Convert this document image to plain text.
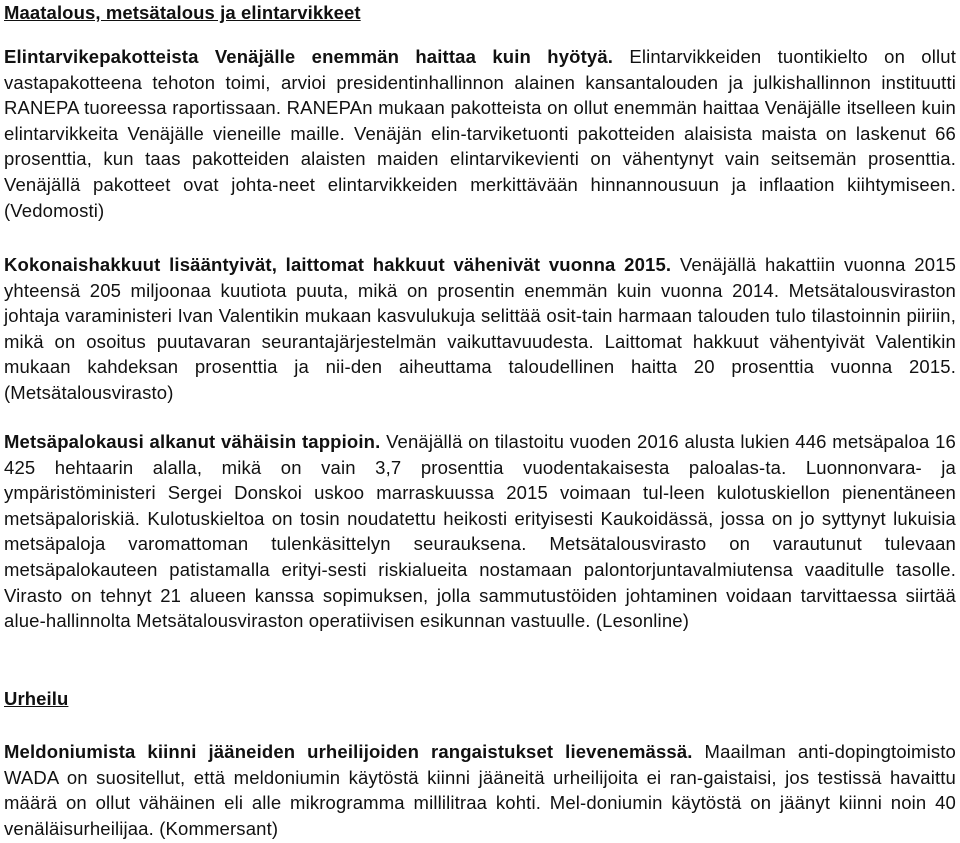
Maatalous, metsätalous ja elintarvikkeet

Elintarvikepakotteista Venäjälle enemmän haittaa kuin hyötyä. Elintarvikkeiden tuontikielto on ollut vastapakotteena tehoton toimi, arvioi presidentinhallinnon alainen kansantalouden ja julkishallinnon instituutti RANEPA tuoreessa raportissaan. RANEPAn mukaan pakotteista on ollut enemmän haittaa Venäjälle itselleen kuin elintarvikkeita Venäjälle vieneille maille. Venäjän elin-tarviketuonti pakotteiden alaisista maista on laskenut 66 prosenttia, kun taas pakotteiden alaisten maiden elintarvikevienti on vähentynyt vain seitsemän prosenttia. Venäjällä pakotteet ovat johta-neet elintarvikkeiden merkittävään hinnannousuun ja inflaation kiihtymiseen. (Vedomosti)

Kokonaishakkuut lisääntyivät, laittomat hakkuut vähenivät vuonna 2015. Venäjällä hakattiin vuonna 2015 yhteensä 205 miljoonaa kuutiota puuta, mikä on prosentin enemmän kuin vuonna 2014. Metsätalousviraston johtaja varaministeri Ivan Valentikin mukaan kasvulukuja selittää osit-tain harmaan talouden tulo tilastoinnin piiriin, mikä on osoitus puutavaran seurantajärjestelmän vaikuttavuudesta. Laittomat hakkuut vähentyivät Valentikin mukaan kahdeksan prosenttia ja nii-den aiheuttama taloudellinen haitta 20 prosenttia vuonna 2015. (Metsätalousvirasto)

Metsäpalokausi alkanut vähäisin tappioin. Venäjällä on tilastoitu vuoden 2016 alusta lukien 446 metsäpaloa 16 425 hehtaarin alalla, mikä on vain 3,7 prosenttia vuodentakaisesta paloalas-ta. Luonnonvara- ja ympäristöministeri Sergei Donskoi uskoo marraskuussa 2015 voimaan tul-leen kulotuskiellon pienentäneen metsäpaloriskiä. Kulotuskieltoa on tosin noudatettu heikosti erityisesti Kaukoidässä, jossa on jo syttynyt lukuisia metsäpaloja varomattoman tulenkäsittelyn seurauksena. Metsätalousvirasto on varautunut tulevaan metsäpalokauteen patistamalla erityi-sesti riskialueita nostamaan palontorjuntavalmiutensa vaaditulle tasolle. Virasto on tehnyt 21 alueen kanssa sopimuksen, jolla sammutustöiden johtaminen voidaan tarvittaessa siirtää alue-hallinnolta Metsätalousviraston operatiivisen esikunnan vastuulle. (Lesonline)

Urheilu

Meldoniumista kiinni jääneiden urheilijoiden rangaistukset lievenemässä. Maailman anti-dopingtoimisto WADA on suositellut, että meldoniumin käytöstä kiinni jääneitä urheilijoita ei ran-gaistaisi, jos testissä havaittu määrä on ollut vähäinen eli alle mikrogramma millilitraa kohti. Mel-doniumin käytöstä on jäänyt kiinni noin 40 venäläisurheilijaa. (Kommersant)
